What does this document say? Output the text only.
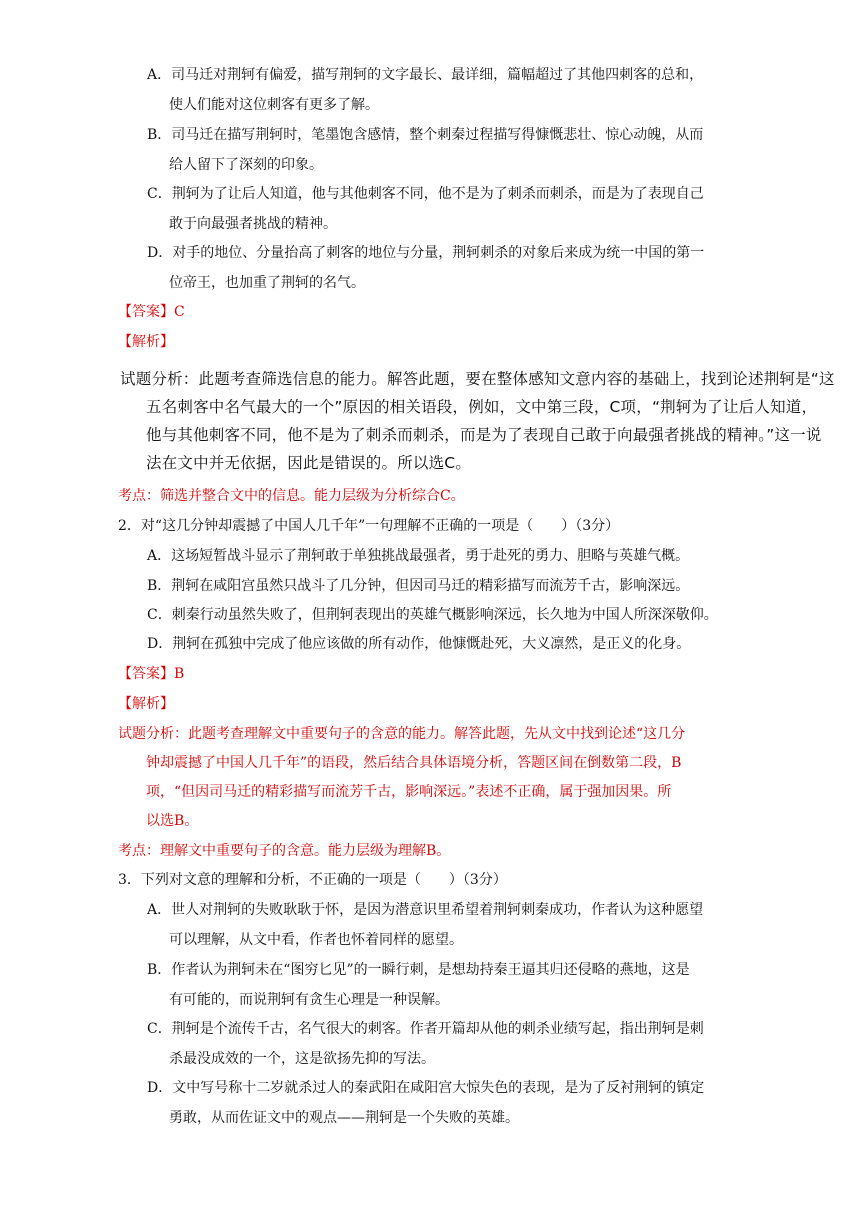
A．司马迁对荆轲有偏爱，描写荆轲的文字最长、最详细，篇幅超过了其他四刺客的总和，
使人们能对这位刺客有更多了解。
B．司马迁在描写荆轲时，笔墨饱含感情，整个刺秦过程描写得慷慨悲壮、惊心动魄，从而
给人留下了深刻的印象。
C．荆轲为了让后人知道，他与其他刺客不同，他不是为了刺杀而刺杀，而是为了表现自己
敢于向最强者挑战的精神。
D．对手的地位、分量抬高了刺客的地位与分量，荆轲刺杀的对象后来成为统一中国的第一
位帝王，也加重了荆轲的名气。
【答案】C
【解析】
试题分析：此题考查筛选信息的能力。解答此题，要在整体感知文意内容的基础上，找到论述荆轲是“这
五名刺客中名气最大的一个”原因的相关语段，例如，文中第三段，C项，“荆轲为了让后人知道，
他与其他刺客不同，他不是为了刺杀而刺杀，而是为了表现自己敢于向最强者挑战的精神。”这一说
法在文中并无依据，因此是错误的。所以选C。
考点：筛选并整合文中的信息。能力层级为分析综合C。
2．对“这几分钟却震撼了中国人几千年”一句理解不正确的一项是（　　）（3分）
A．这场短暂战斗显示了荆轲敢于单独挑战最强者，勇于赴死的勇力、胆略与英雄气概。
B．荆轲在咸阳宫虽然只战斗了几分钟，但因司马迁的精彩描写而流芳千古，影响深远。
C．刺秦行动虽然失败了，但荆轲表现出的英雄气概影响深远，长久地为中国人所深深敬仰。
D．荆轲在孤独中完成了他应该做的所有动作，他慷慨赴死，大义凛然，是正义的化身。
【答案】B
【解析】
试题分析：此题考查理解文中重要句子的含意的能力。解答此题，先从文中找到论述“这几分
钟却震撼了中国人几千年”的语段，然后结合具体语境分析，答题区间在倒数第二段，B
项，“但因司马迁的精彩描写而流芳千古，影响深远。”表述不正确，属于强加因果。所
以选B。
考点：理解文中重要句子的含意。能力层级为理解B。
3．下列对文意的理解和分析，不正确的一项是（　　）（3分）
A．世人对荆轲的失败耿耿于怀，是因为潜意识里希望着荆轲刺秦成功，作者认为这种愿望
可以理解，从文中看，作者也怀着同样的愿望。
B．作者认为荆轲未在“图穷匕见”的一瞬行刺，是想劫持秦王逼其归还侵略的燕地，这是
有可能的，而说荆轲有贪生心理是一种误解。
C．荆轲是个流传千古，名气很大的刺客。作者开篇却从他的刺杀业绩写起，指出荆轲是刺
杀最没成效的一个，这是欲扬先抑的写法。
D．文中写号称十二岁就杀过人的秦武阳在咸阳宫大惊失色的表现，是为了反衬荆轲的镇定
勇敢，从而佐证文中的观点——荆轲是一个失败的英雄。
